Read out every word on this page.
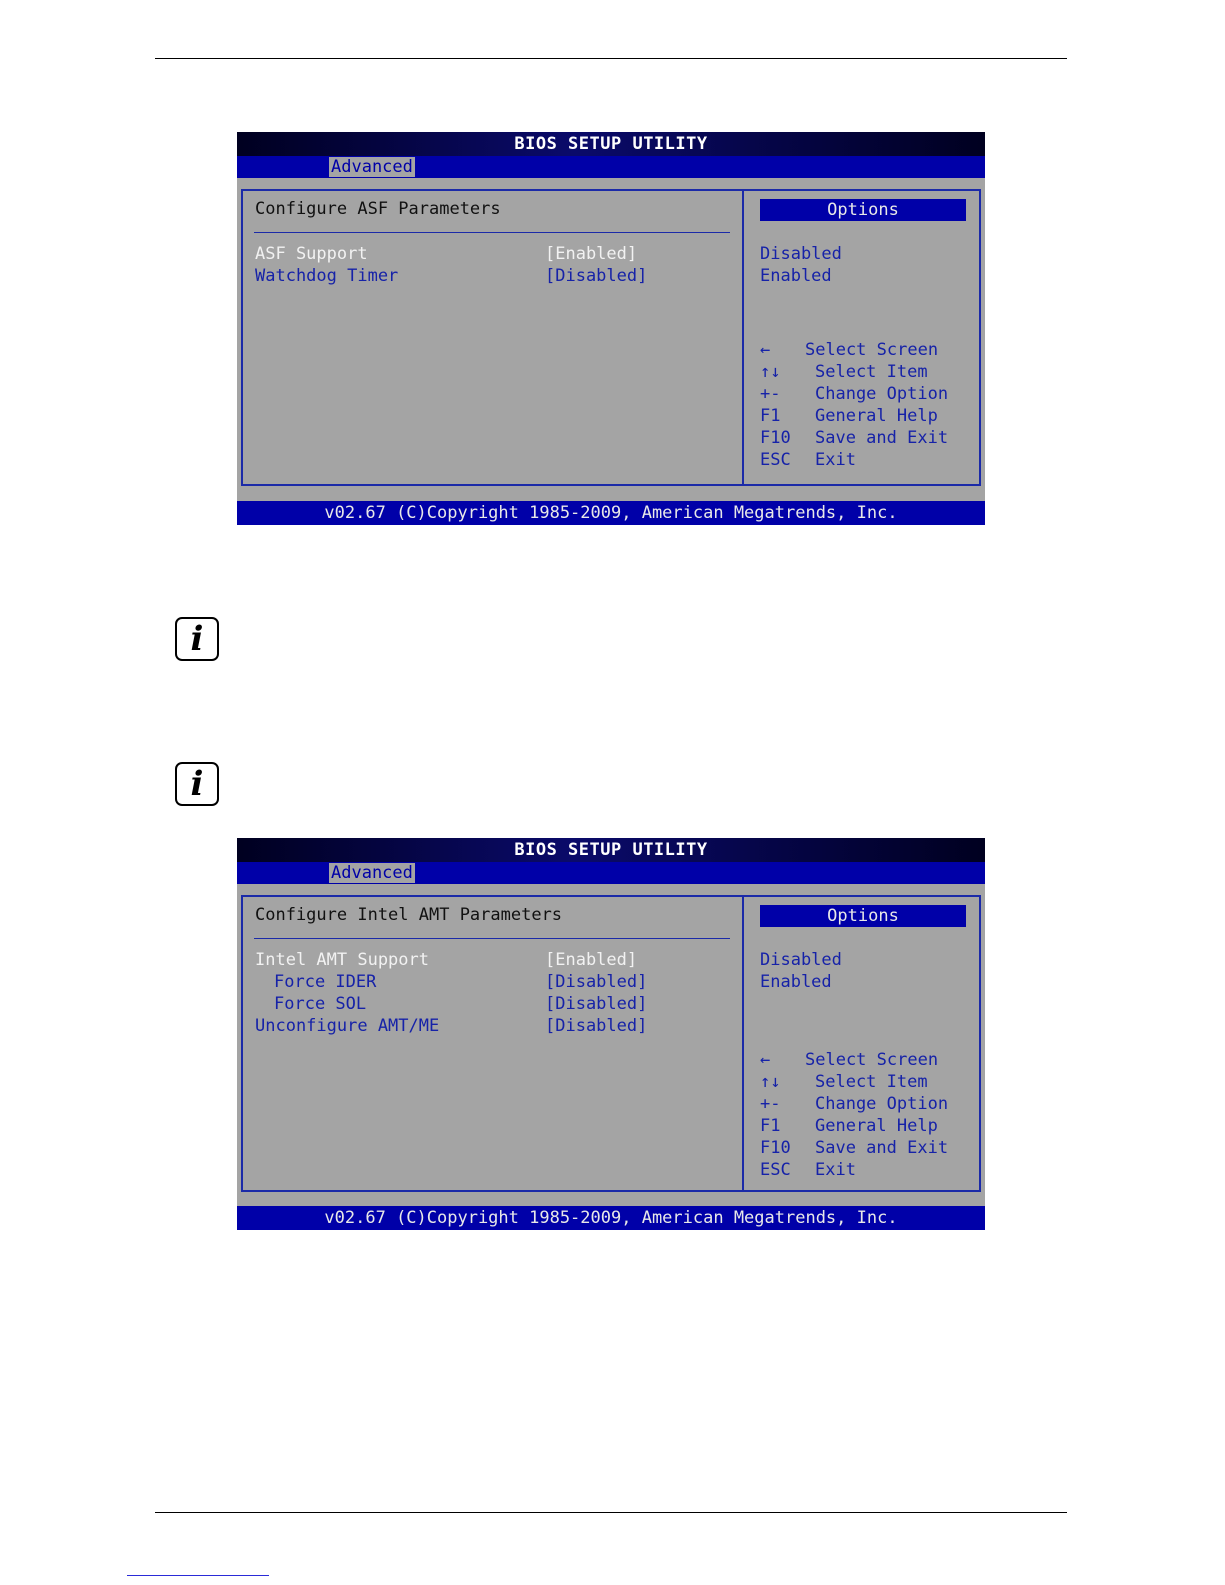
BIOS SETUP UTILITY
Advanced
Configure ASF Parameters
ASF Support	[Enabled]
Watchdog Timer	[Disabled]
Options
Disabled
Enabled
← Select Screen
↑↓ Select Item
+- Change Option
F1 General Help
F10 Save and Exit
ESC Exit
v02.67 (C)Copyright 1985-2009, American Megatrends, Inc.
i
i
BIOS SETUP UTILITY
Advanced
Configure Intel AMT Parameters
Intel AMT Support	[Enabled]
Force IDER	[Disabled]
Force SOL	[Disabled]
Unconfigure AMT/ME	[Disabled]
Options
Disabled
Enabled
← Select Screen
↑↓ Select Item
+- Change Option
F1 General Help
F10 Save and Exit
ESC Exit
v02.67 (C)Copyright 1985-2009, American Megatrends, Inc.
